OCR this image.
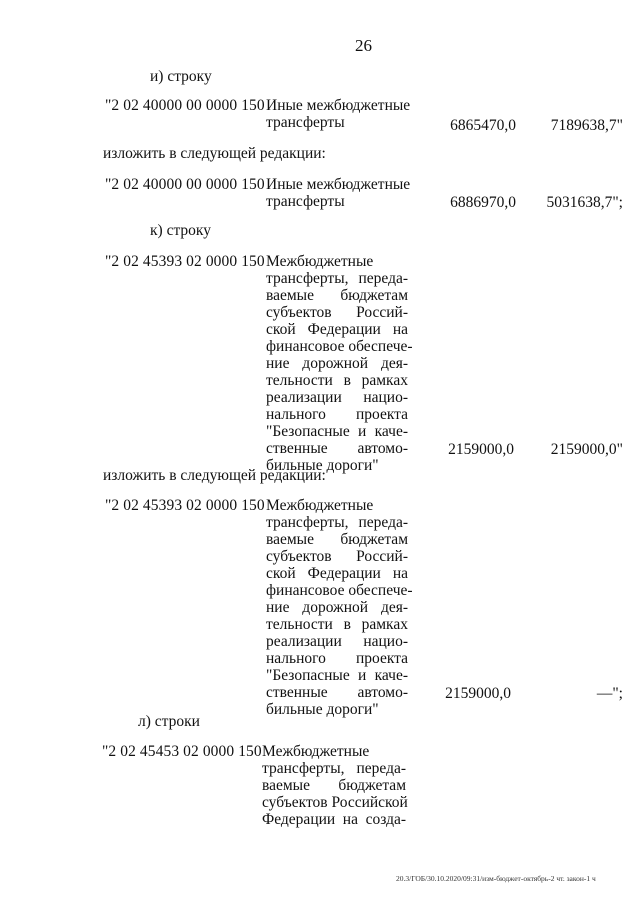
26
и) строку
"2 02 40000 00 0000 150 Иные межбюджетные
трансферты	6865470,0	7189638,7"
изложить в следующей редакции:
"2 02 40000 00 0000 150 Иные межбюджетные
трансферты	6886970,0	5031638,7";
к) строку
"2 02 45393 02 0000 150 Межбюджетные
трансферты, переда-
ваемые бюджетам
субъектов Россий-
ской Федерации на
финансовое обеспече-
ние дорожной дея-
тельности в рамках
реализации нацио-
нального проекта
"Безопасные и каче-
ственные автомо-
бильные дороги"
2159000,0	2159000,0"
изложить в следующей редакции:
"2 02 45393 02 0000 150 Межбюджетные
трансферты, переда-
ваемые бюджетам
субъектов Россий-
ской Федерации на
финансовое обеспече-
ние дорожной дея-
тельности в рамках
реализации нацио-
нального проекта
"Безопасные и каче-
ственные автомо-
бильные дороги"
2159000,0	—";
л) строки
"2 02 45453 02 0000 150 Межбюджетные
трансферты, переда-
ваемые бюджетам
субъектов Российской
Федерации на созда-
20.3/ГОБ/30.10.2020/09:31/изм-бюджет-октябрь-2 чт. закон-1 ч
